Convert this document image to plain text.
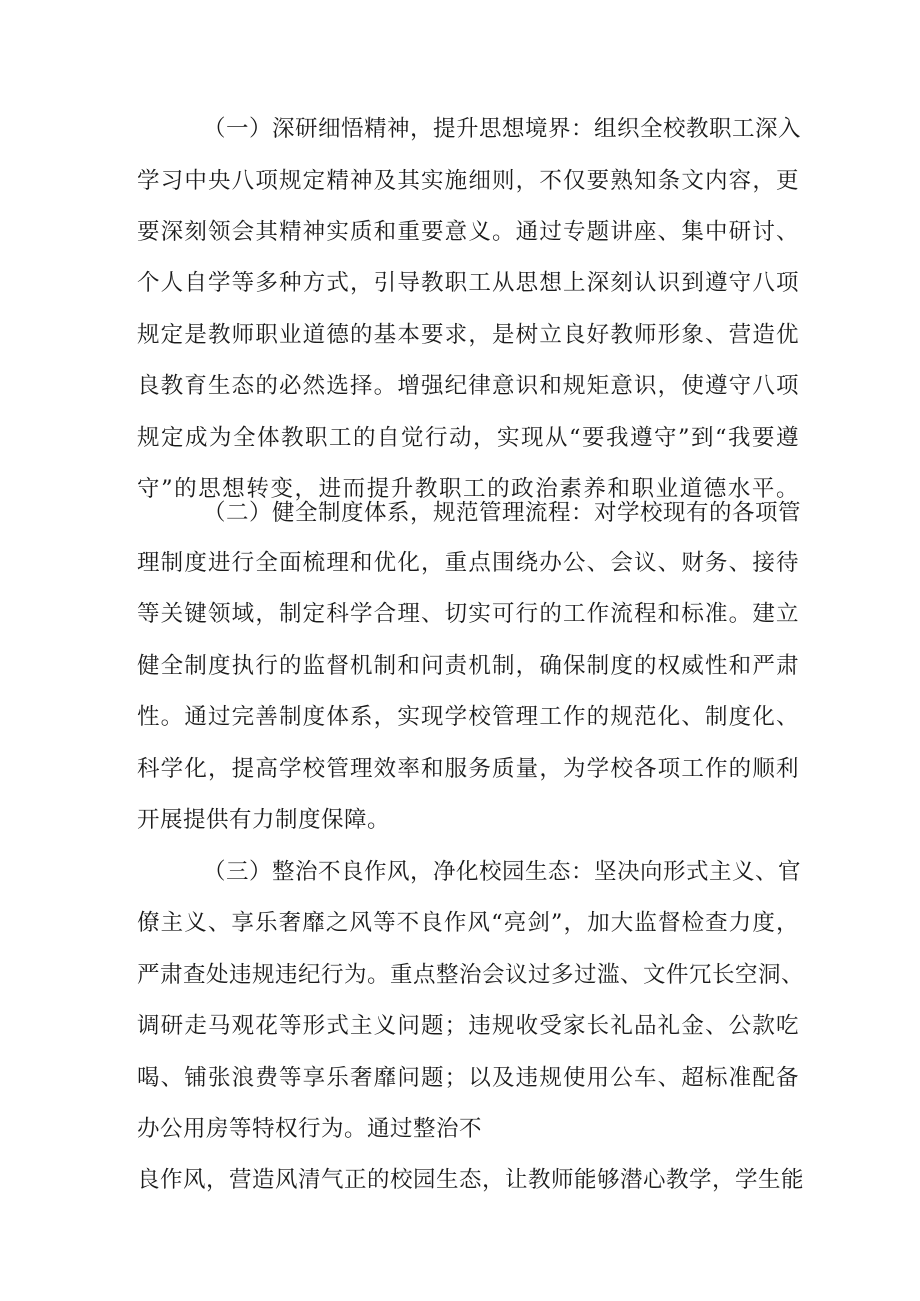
（一）深研细悟精神，提升思想境界：组织全校教职工深入
学习中央八项规定精神及其实施细则，不仅要熟知条文内容，更
要深刻领会其精神实质和重要意义。通过专题讲座、集中研讨、
个人自学等多种方式，引导教职工从思想上深刻认识到遵守八项
规定是教师职业道德的基本要求，是树立良好教师形象、营造优
良教育生态的必然选择。增强纪律意识和规矩意识，使遵守八项
规定成为全体教职工的自觉行动，实现从“要我遵守”到“我要遵
守”的思想转变，进而提升教职工的政治素养和职业道德水平。
（二）健全制度体系，规范管理流程：对学校现有的各项管
理制度进行全面梳理和优化，重点围绕办公、会议、财务、接待
等关键领域，制定科学合理、切实可行的工作流程和标准。建立
健全制度执行的监督机制和问责机制，确保制度的权威性和严肃
性。通过完善制度体系，实现学校管理工作的规范化、制度化、
科学化，提高学校管理效率和服务质量，为学校各项工作的顺利
开展提供有力制度保障。
（三）整治不良作风，净化校园生态：坚决向形式主义、官
僚主义、享乐奢靡之风等不良作风“亮剑”，加大监督检查力度，
严肃查处违规违纪行为。重点整治会议过多过滥、文件冗长空洞、
调研走马观花等形式主义问题；违规收受家长礼品礼金、公款吃
喝、铺张浪费等享乐奢靡问题；以及违规使用公车、超标准配备
办公用房等特权行为。通过整治不
良作风，营造风清气正的校园生态，让教师能够潜心教学，学生能
